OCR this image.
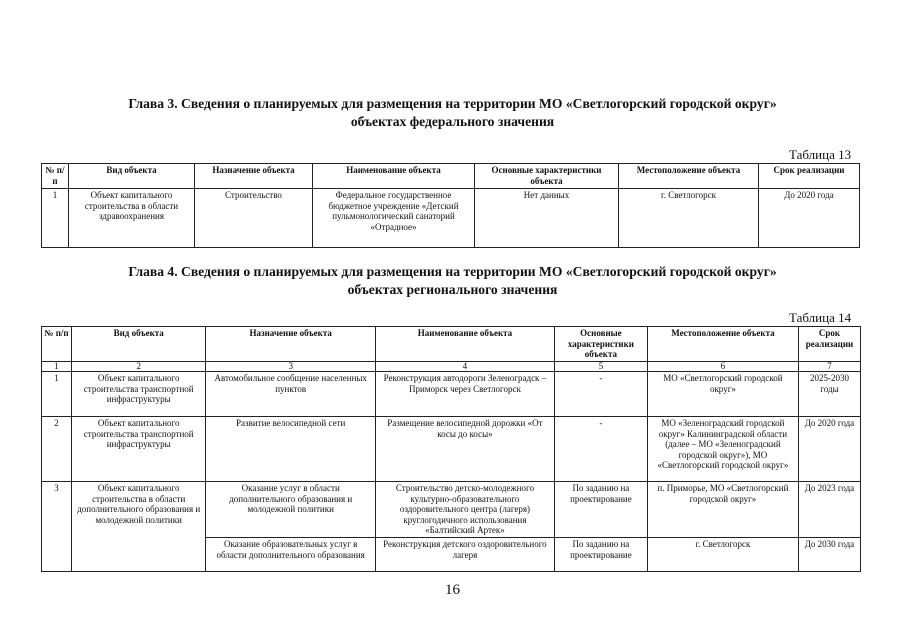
Глава 3. Сведения о планируемых для размещения на территории МО «Светлогорский городской округ»
объектах федерального значения
Таблица 13
№ п/п	Вид объекта	Назначение объекта	Наименование объекта	Основные характеристики объекта	Местоположение объекта	Срок реализации
1	Объект капитального строительства в области здравоохранения	Строительство	Федеральное государственное бюджетное учреждение «Детский пульмонологический санаторий «Отрадное»	Нет данных	г. Светлогорск	До 2020 года
Глава 4. Сведения о планируемых для размещения на территории МО «Светлогорский городской округ»
объектах регионального значения
Таблица 14
№ п/п	Вид объекта	Назначение объекта	Наименование объекта	Основные характеристики объекта	Местоположение объекта	Срок реализации
1	2	3	4	5	6	7
1	Объект капитального строительства транспортной инфраструктуры	Автомобильное сообщение населенных пунктов	Реконструкция автодороги Зеленоградск – Приморск через Светлогорск	-	МО «Светлогорский городской округ»	2025-2030 годы
2	Объект капитального строительства транспортной инфраструктуры	Развитие велосипедной сети	Размещение велосипедной дорожки «От косы до косы»	-	МО «Зеленоградский городской округ» Калининградской области (далее – МО «Зеленоградский городской округ»), МО «Светлогорский городской округ»	До 2020 года
3	Объект капитального строительства в области дополнительного образования и молодежной политики	Оказание услуг в области дополнительного образования и молодежной политики	Строительство детско-молодежного культурно-образовательного оздоровительного центра (лагеря) круглогодичного использования «Балтийский Артек»	По заданию на проектирование	п. Приморье, МО «Светлогорский городской округ»	До 2023 года
		Оказание образовательных услуг в области дополнительного образования	Реконструкция детского оздоровительного лагеря	По заданию на проектирование	г. Светлогорск	До 2030 года
16
